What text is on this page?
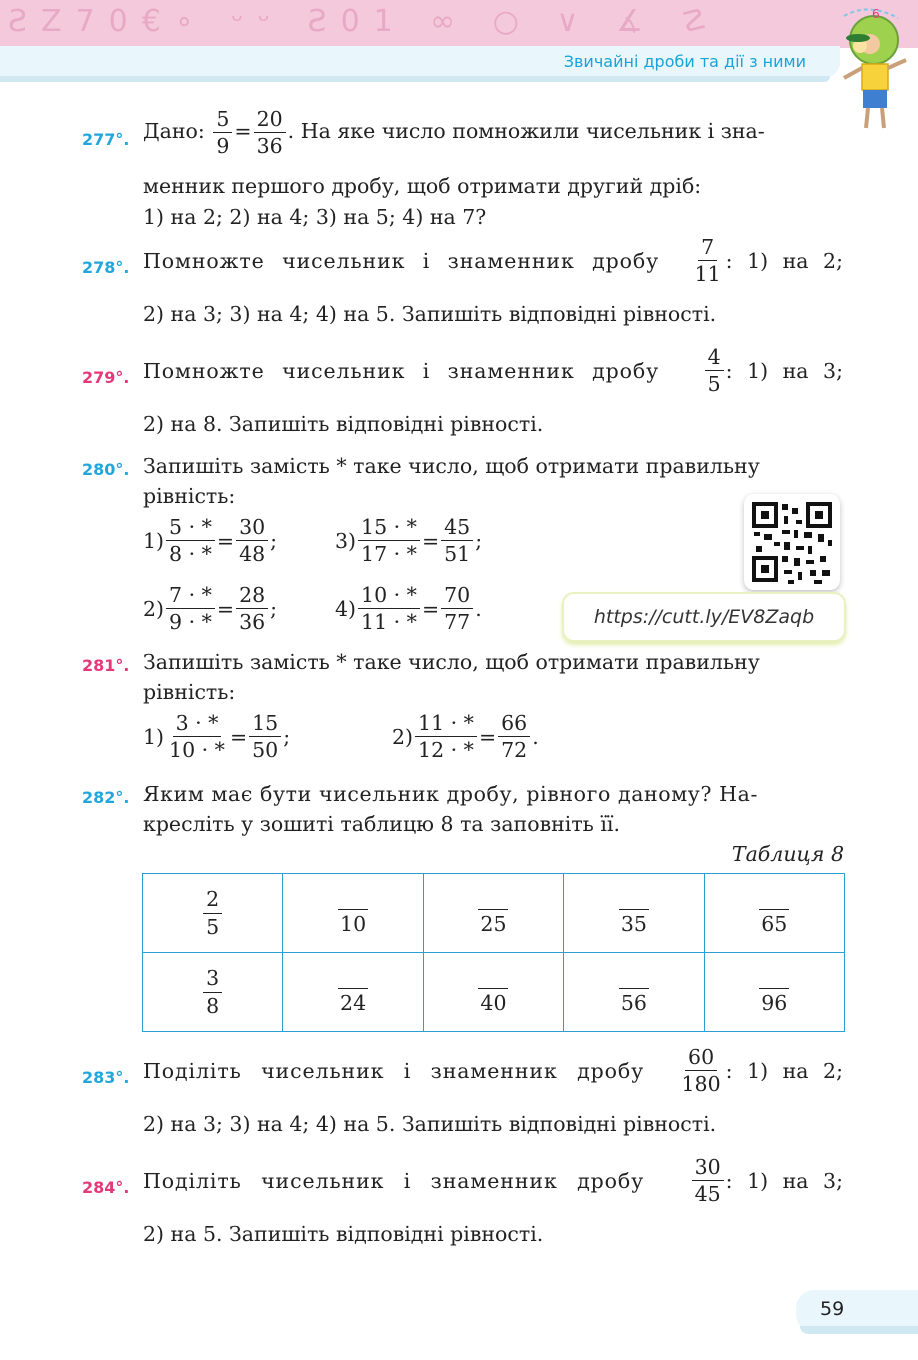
ƧΖ70€∘ ᵕᵕ Ƨ01 ∞ ○ ∨ ∡ ☡
Звичайні дроби та дії з ними
6
277°. Дано: $\frac{5}{9} = \frac{20}{36}$ . На яке число помножили чисельник і зна-
менник першого дробу, щоб отримати другий дріб:
1) на 2; 2) на 4; 3) на 5; 4) на 7?
278°. Помножте чисельник і знаменник дробу $\frac{7}{11}$ : 1) на 2;
2) на 3; 3) на 4; 4) на 5. Запишіть відповідні рівності.
279°. Помножте чисельник і знаменник дробу $\frac{4}{5}$ : 1) на 3;
2) на 8. Запишіть відповідні рівності.
280°. Запишіть замість * таке число, щоб отримати правильну
рівність:
$1) \frac{5 \cdot *}{8 \cdot *} = \frac{30}{48}$ ;	$3) \frac{15 \cdot *}{17 \cdot *} = \frac{45}{51}$ ;
$2) \frac{7 \cdot *}{9 \cdot *} = \frac{28}{36}$ ;	$4) \frac{10 \cdot *}{11 \cdot *} = \frac{70}{77}$ .	https://cutt.ly/EV8Zaqb
281°. Запишіть замість * таке число, щоб отримати правильну
рівність:
$1) \frac{3 \cdot *}{10 \cdot *} = \frac{15}{50}$ ;	$2) \frac{11 \cdot *}{12 \cdot *} = \frac{66}{72}$ .
282°. Яким має бути чисельник дробу, рівного даному? На-
кресліть у зошиті таблицю 8 та заповніть її.
Таблиця 8
$\frac{2}{5}$	10	25	35	65

$\frac{3}{8}$	24	40	56	96
283°. Поділіть чисельник і знаменник дробу $\frac{60}{180}$ : 1) на 2;
2) на 3; 3) на 4; 4) на 5. Запишіть відповідні рівності.
284°. Поділіть чисельник і знаменник дробу $\frac{30}{45}$ : 1) на 3;
2) на 5. Запишіть відповідні рівності.
59
